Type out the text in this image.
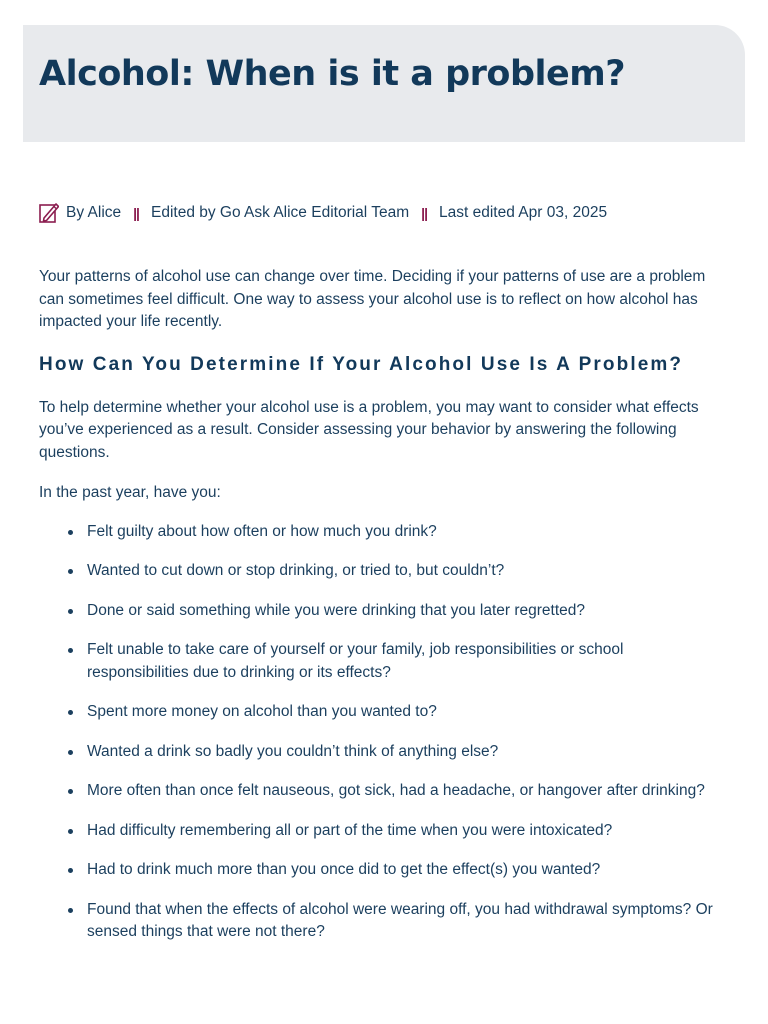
Alcohol: When is it a problem?
By Alice || Edited by Go Ask Alice Editorial Team || Last edited Apr 03, 2025

Your patterns of alcohol use can change over time. Deciding if your patterns of use are a problem can sometimes feel difficult. One way to assess your alcohol use is to reflect on how alcohol has impacted your life recently.

How Can You Determine If Your Alcohol Use Is A Problem?

To help determine whether your alcohol use is a problem, you may want to consider what effects you’ve experienced as a result. Consider assessing your behavior by answering the following questions.

In the past year, have you:

Felt guilty about how often or how much you drink?
Wanted to cut down or stop drinking, or tried to, but couldn’t?
Done or said something while you were drinking that you later regretted?
Felt unable to take care of yourself or your family, job responsibilities or school responsibilities due to drinking or its effects?
Spent more money on alcohol than you wanted to?
Wanted a drink so badly you couldn’t think of anything else?
More often than once felt nauseous, got sick, had a headache, or hangover after drinking?
Had difficulty remembering all or part of the time when you were intoxicated?
Had to drink much more than you once did to get the effect(s) you wanted?
Found that when the effects of alcohol were wearing off, you had withdrawal symptoms? Or sensed things that were not there?
